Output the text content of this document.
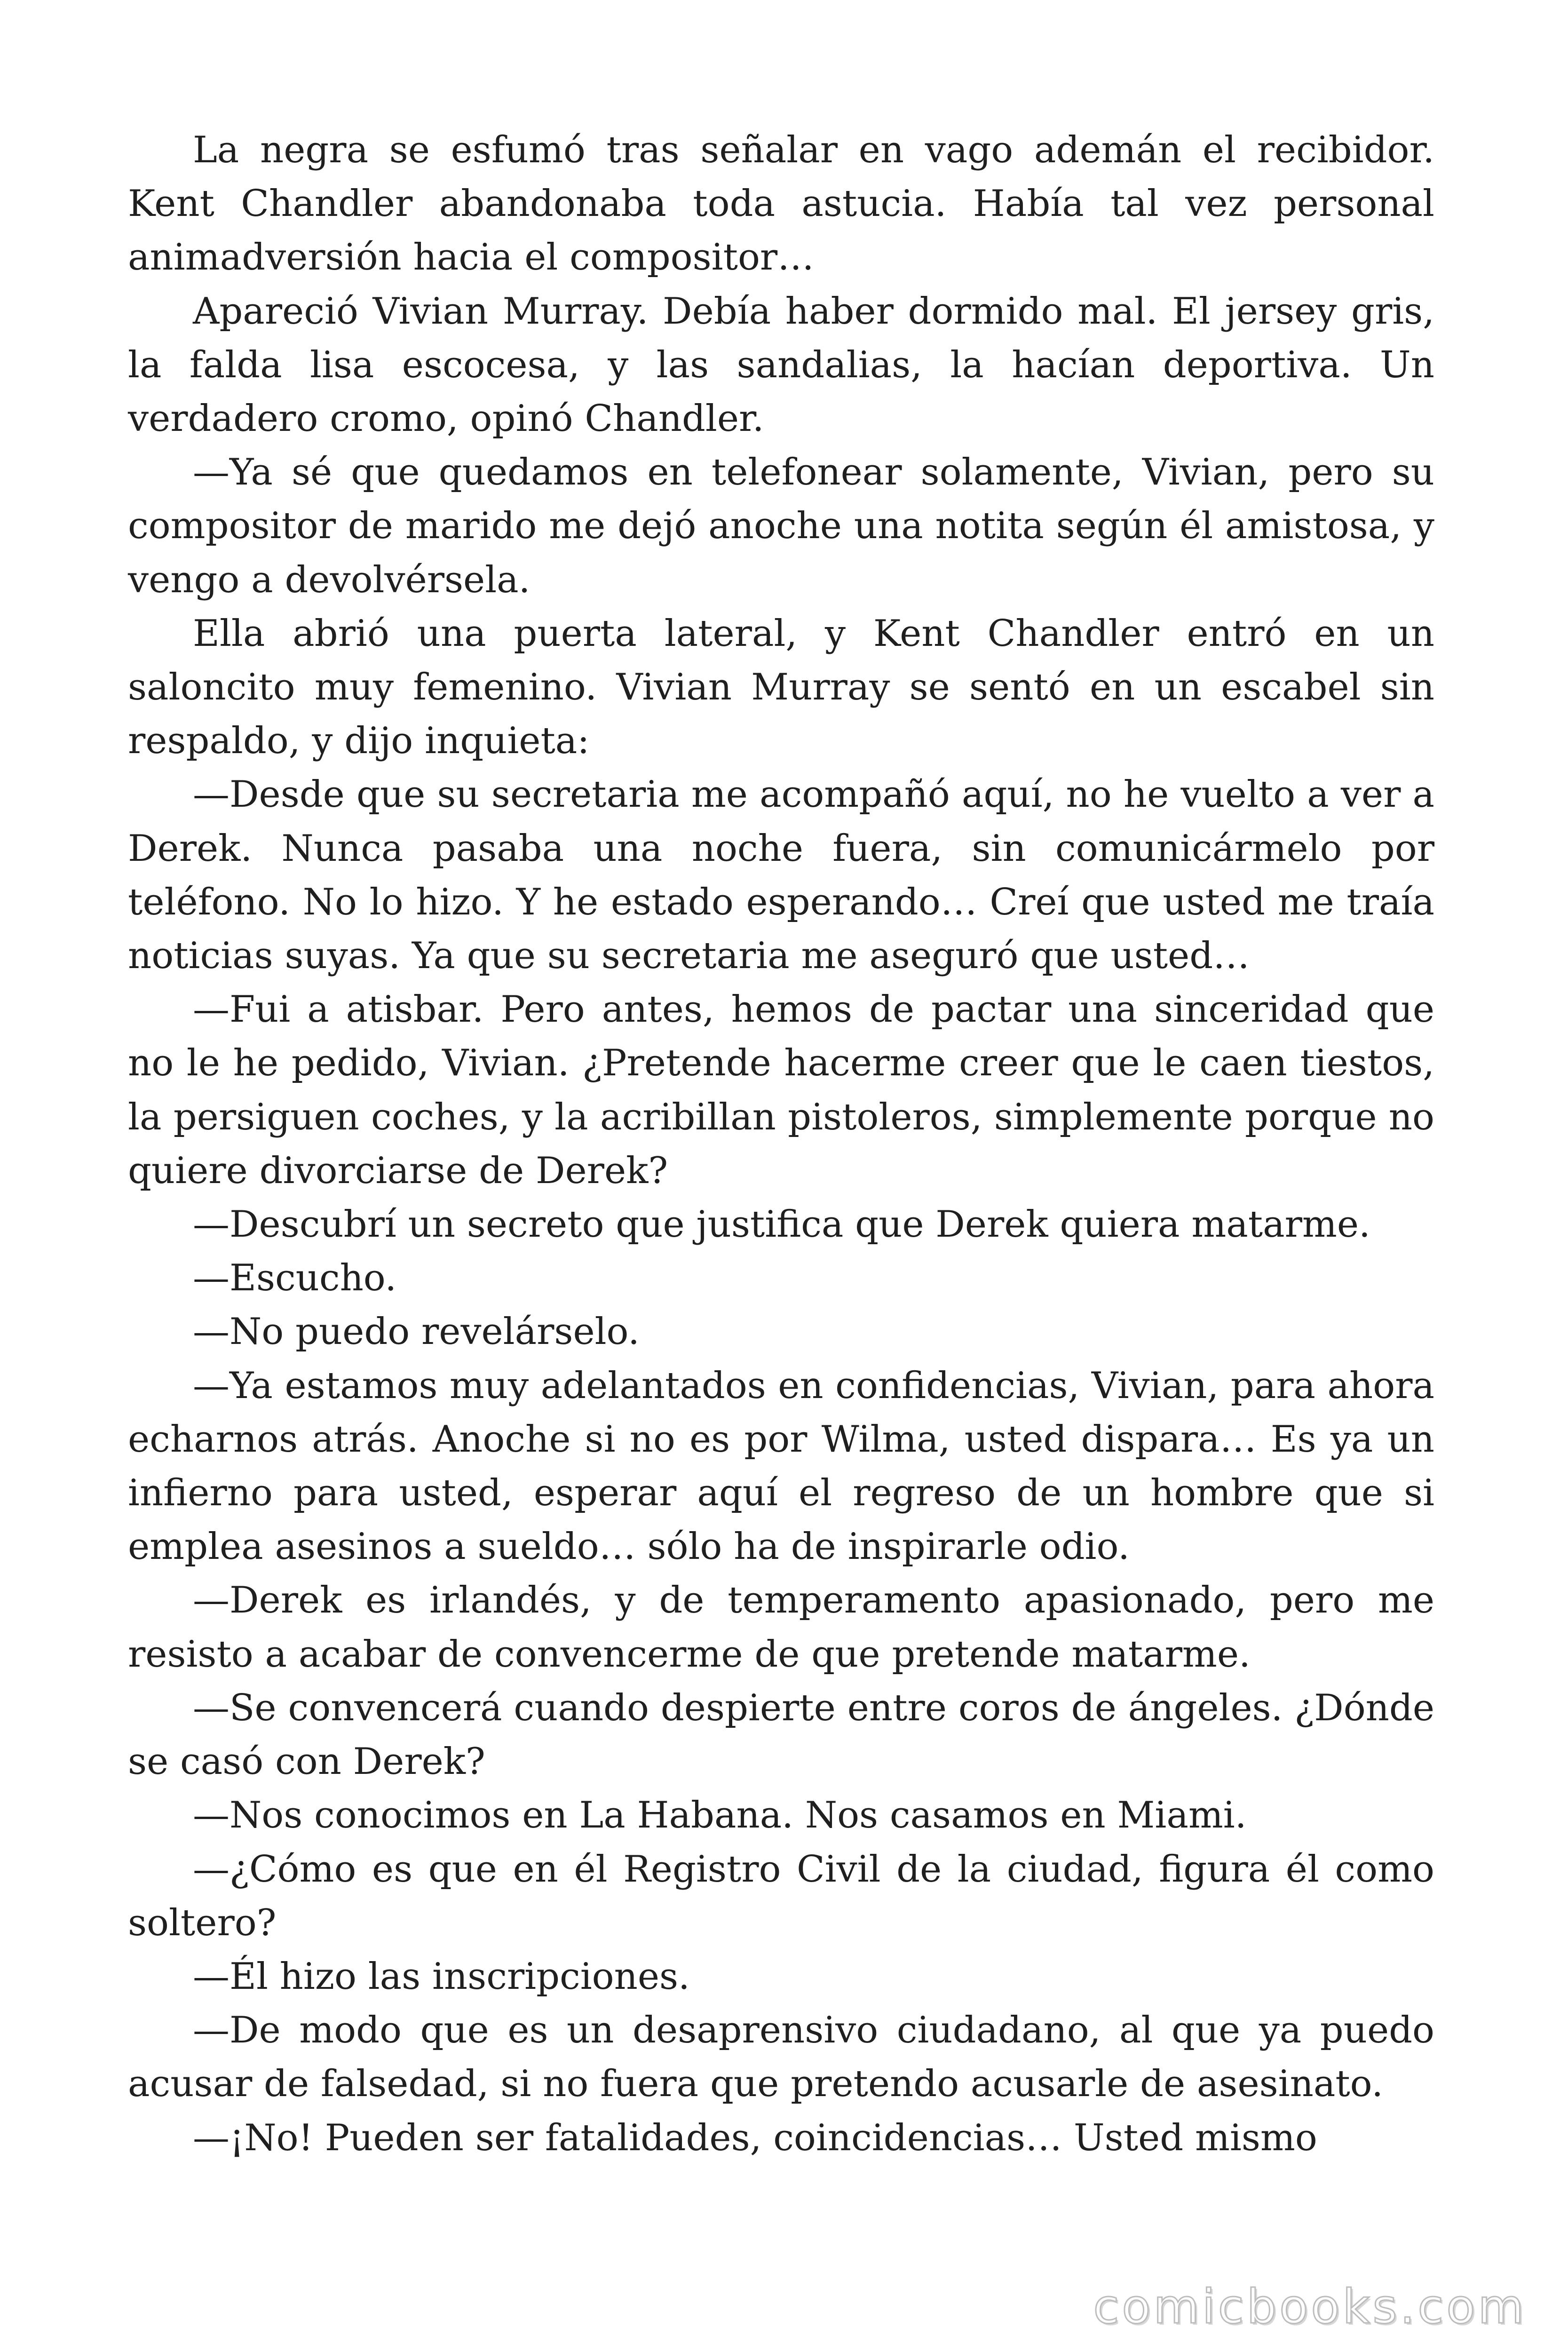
La negra se esfumó tras señalar en vago ademán el recibidor. Kent Chandler abandonaba toda astucia. Había tal vez personal animadversión hacia el compositor…

Apareció Vivian Murray. Debía haber dormido mal. El jersey gris, la falda lisa escocesa, y las sandalias, la hacían deportiva. Un verdadero cromo, opinó Chandler.

—Ya sé que quedamos en telefonear solamente, Vivian, pero su compositor de marido me dejó anoche una notita según él amistosa, y vengo a devolvérsela.

Ella abrió una puerta lateral, y Kent Chandler entró en un saloncito muy femenino. Vivian Murray se sentó en un escabel sin respaldo, y dijo inquieta:

—Desde que su secretaria me acompañó aquí, no he vuelto a ver a Derek. Nunca pasaba una noche fuera, sin comunicármelo por teléfono. No lo hizo. Y he estado esperando… Creí que usted me traía noticias suyas. Ya que su secretaria me aseguró que usted…

—Fui a atisbar. Pero antes, hemos de pactar una sinceridad que no le he pedido, Vivian. ¿Pretende hacerme creer que le caen tiestos, la persiguen coches, y la acribillan pistoleros, simplemente porque no quiere divorciarse de Derek?

—Descubrí un secreto que justifica que Derek quiera matarme.

—Escucho.

—No puedo revelárselo.

—Ya estamos muy adelantados en confidencias, Vivian, para ahora echarnos atrás. Anoche si no es por Wilma, usted dispara… Es ya un infierno para usted, esperar aquí el regreso de un hombre que si emplea asesinos a sueldo… sólo ha de inspirarle odio.

—Derek es irlandés, y de temperamento apasionado, pero me resisto a acabar de convencerme de que pretende matarme.

—Se convencerá cuando despierte entre coros de ángeles. ¿Dónde se casó con Derek?

—Nos conocimos en La Habana. Nos casamos en Miami.

—¿Cómo es que en él Registro Civil de la ciudad, figura él como soltero?

—Él hizo las inscripciones.

—De modo que es un desaprensivo ciudadano, al que ya puedo acusar de falsedad, si no fuera que pretendo acusarle de asesinato.

—¡No! Pueden ser fatalidades, coincidencias… Usted mismo

comicbooks.com
